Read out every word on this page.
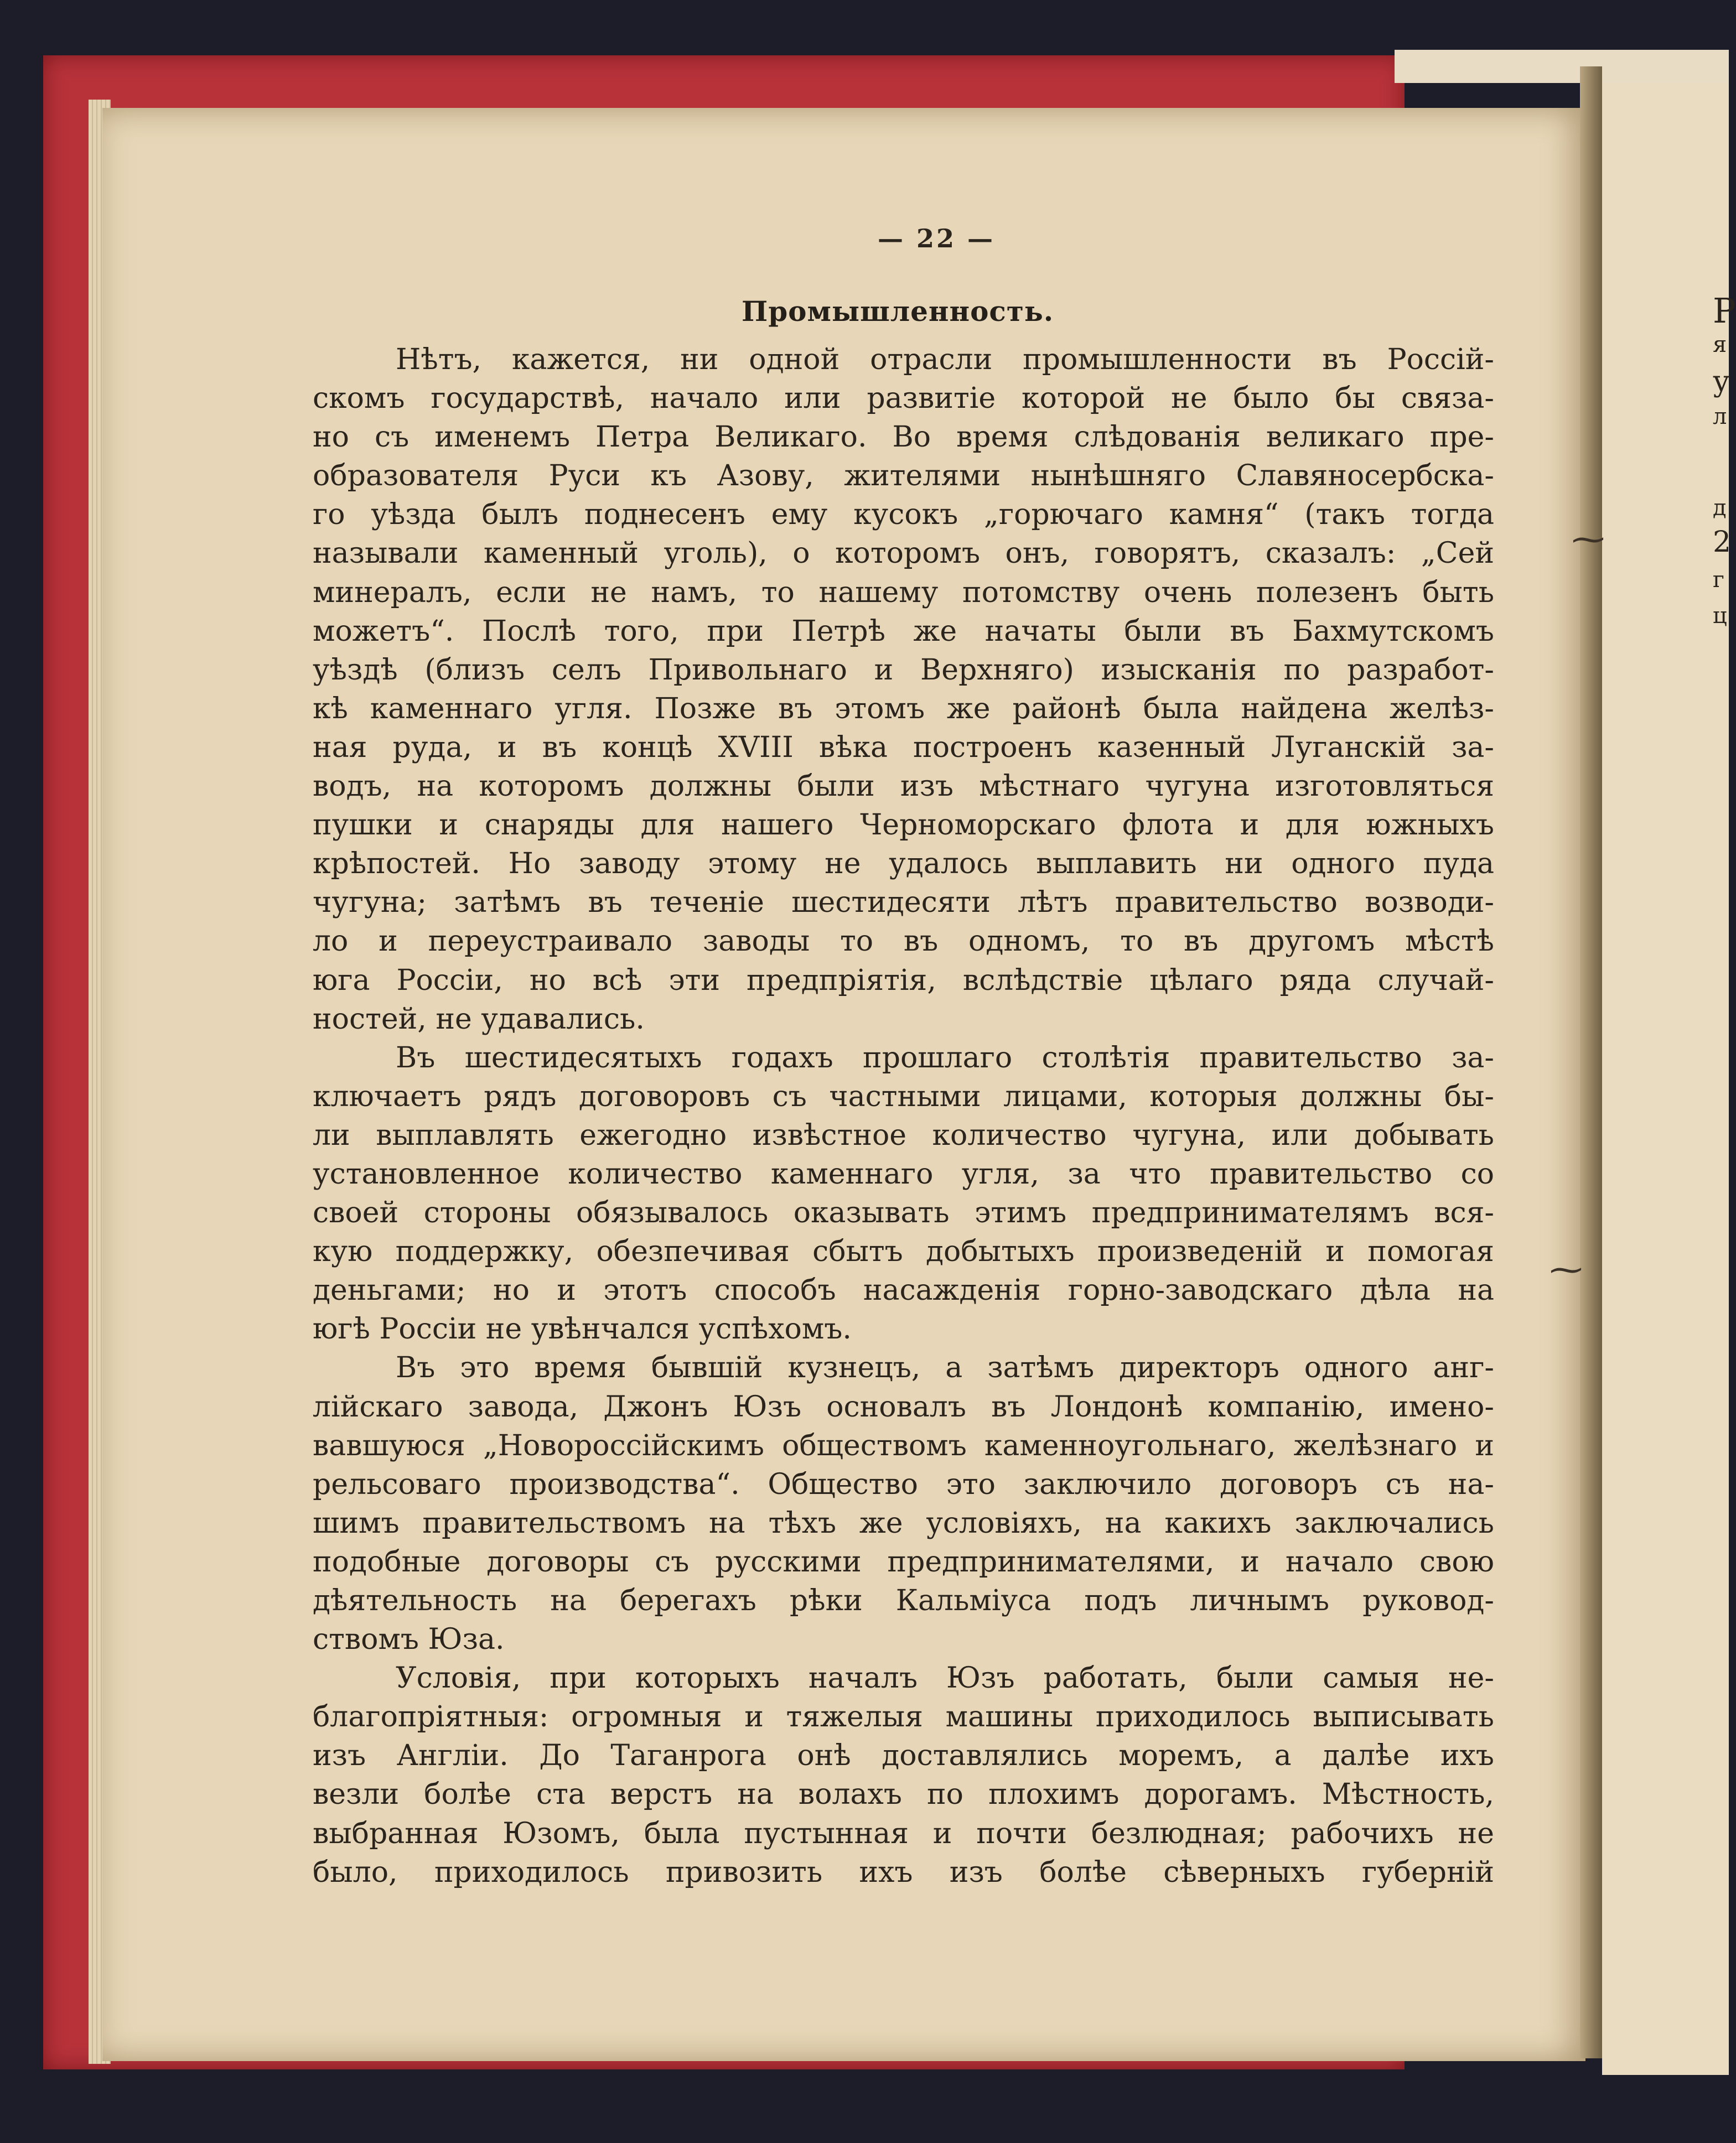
Р
я
у
л
д
2
г
ц
— 22 —
Промышленность.
Нѣтъ, кажется, ни одной отрасли промышленности въ Россій-
скомъ государствѣ, начало или развитіе которой не было бы связа-
но съ именемъ Петра Великаго. Во время слѣдованія великаго пре-
образователя Руси къ Азову, жителями нынѣшняго Славяносербска-
го уѣзда былъ поднесенъ ему кусокъ „горючаго камня“ (такъ тогда
называли каменный уголь), о которомъ онъ, говорятъ, сказалъ: „Сей
минералъ, если не намъ, то нашему потомству очень полезенъ быть
можетъ“. Послѣ того, при Петрѣ же начаты были въ Бахмутскомъ
уѣздѣ (близъ селъ Привольнаго и Верхняго) изысканія по разработ-
кѣ каменнаго угля. Позже въ этомъ же районѣ была найдена желѣз-
ная руда, и въ концѣ XVIII вѣка построенъ казенный Луганскій за-
водъ, на которомъ должны были изъ мѣстнаго чугуна изготовляться
пушки и снаряды для нашего Черноморскаго флота и для южныхъ
крѣпостей. Но заводу этому не удалось выплавить ни одного пуда
чугуна; затѣмъ въ теченіе шестидесяти лѣтъ правительство возводи-
ло и переустраивало заводы то въ одномъ, то въ другомъ мѣстѣ
юга Россіи, но всѣ эти предпріятія, вслѣдствіе цѣлаго ряда случай-
ностей, не удавались.
Въ шестидесятыхъ годахъ прошлаго столѣтія правительство за-
ключаетъ рядъ договоровъ съ частными лицами, которыя должны бы-
ли выплавлять ежегодно извѣстное количество чугуна, или добывать
установленное количество каменнаго угля, за что правительство со
своей стороны обязывалось оказывать этимъ предпринимателямъ вся-
кую поддержку, обезпечивая сбытъ добытыхъ произведеній и помогая
деньгами; но и этотъ способъ насажденія горно-заводскаго дѣла на
югѣ Россіи не увѣнчался успѣхомъ.
Въ это время бывшій кузнецъ, а затѣмъ директоръ одного анг-
лійскаго завода, Джонъ Юзъ основалъ въ Лондонѣ компанію, имено-
вавшуюся „Новороссійскимъ обществомъ каменноугольнаго, желѣзнаго и
рельсоваго производства“. Общество это заключило договоръ съ на-
шимъ правительствомъ на тѣхъ же условіяхъ, на какихъ заключались
подобные договоры съ русскими предпринимателями, и начало свою
дѣятельность на берегахъ рѣки Кальміуса подъ личнымъ руковод-
ствомъ Юза.
Условія, при которыхъ началъ Юзъ работать, были самыя не-
благопріятныя: огромныя и тяжелыя машины приходилось выписывать
изъ Англіи. До Таганрога онѣ доставлялись моремъ, а далѣе ихъ
везли болѣе ста верстъ на волахъ по плохимъ дорогамъ. Мѣстность,
выбранная Юзомъ, была пустынная и почти безлюдная; рабочихъ не
было, приходилось привозить ихъ изъ болѣе сѣверныхъ губерній
⁓
⁓
